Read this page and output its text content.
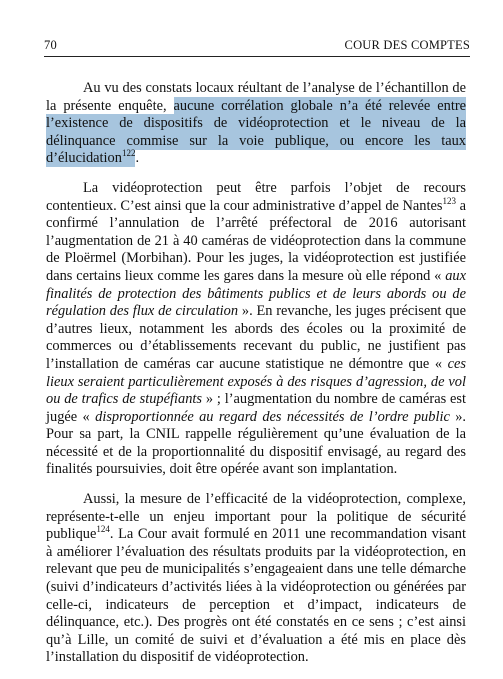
70	COUR DES COMPTES

Au vu des constats locaux réultant de l’analyse de l’échantillon de la présente enquête, aucune corrélation globale n’a été relevée entre l’existence de dispositifs de vidéoprotection et le niveau de la délinquance commise sur la voie publique, ou encore les taux d’élucidation$^{122}$.

La vidéoprotection peut être parfois l’objet de recours contentieux. C’est ainsi que la cour administrative d’appel de Nantes$^{123}$ a confirmé l’annulation de l’arrêté préfectoral de 2016 autorisant l’augmentation de 21 à 40 caméras de vidéoprotection dans la commune de Ploërmel (Morbihan). Pour les juges, la vidéoprotection est justifiée dans certains lieux comme les gares dans la mesure où elle répond « aux finalités de protection des bâtiments publics et de leurs abords ou de régulation des flux de circulation ». En revanche, les juges précisent que d’autres lieux, notamment les abords des écoles ou la proximité de commerces ou d’établissements recevant du public, ne justifient pas l’installation de caméras car aucune statistique ne démontre que « ces lieux seraient particulièrement exposés à des risques d’agression, de vol ou de trafics de stupéfiants » ; l’augmentation du nombre de caméras est jugée « disproportionnée au regard des nécessités de l’ordre public ». Pour sa part, la CNIL rappelle régulièrement qu’une évaluation de la nécessité et de la proportionnalité du dispositif envisagé, au regard des finalités poursuivies, doit être opérée avant son implantation.

Aussi, la mesure de l’efficacité de la vidéoprotection, complexe, représente-t-elle un enjeu important pour la politique de sécurité publique$^{124}$. La Cour avait formulé en 2011 une recommandation visant à améliorer l’évaluation des résultats produits par la vidéoprotection, en relevant que peu de municipalités s’engageaient dans une telle démarche (suivi d’indicateurs d’activités liées à la vidéoprotection ou générées par celle-ci, indicateurs de perception et d’impact, indicateurs de délinquance, etc.). Des progrès ont été constatés en ce sens ; c’est ainsi qu’à Lille, un comité de suivi et d’évaluation a été mis en place dès l’installation du dispositif de vidéoprotection.
